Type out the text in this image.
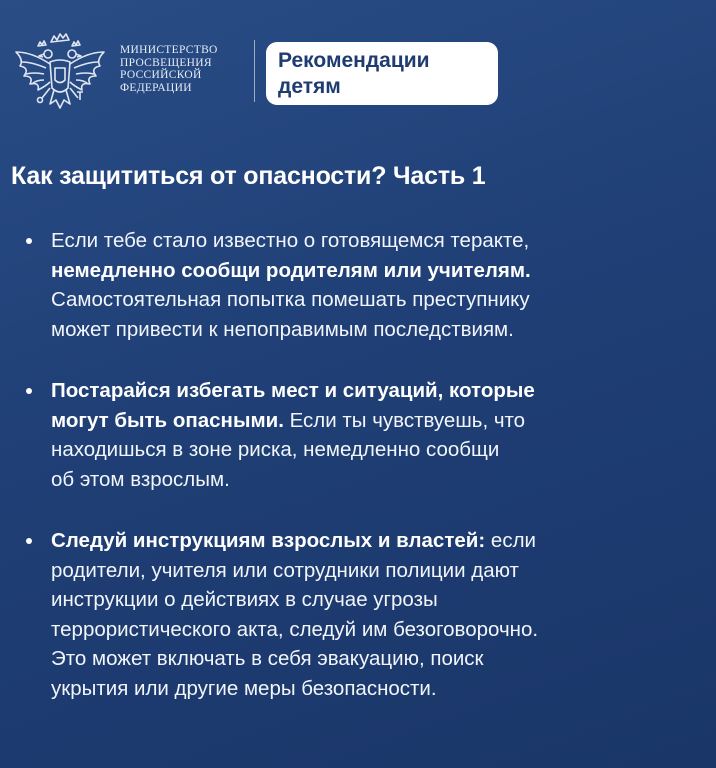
МИНИСТЕРСТВО
ПРОСВЕЩЕНИЯ
РОССИЙСКОЙ
ФЕДЕРАЦИИ
Рекомендации
детям
Как защититься от опасности? Часть 1
Если тебе стало известно о готовящемся теракте,
немедленно сообщи родителям или учителям.
Самостоятельная попытка помешать преступнику
может привести к непоправимым последствиям.
Постарайся избегать мест и ситуаций, которые
могут быть опасными. Если ты чувствуешь, что
находишься в зоне риска, немедленно сообщи
об этом взрослым.
Следуй инструкциям взрослых и властей: если
родители, учителя или сотрудники полиции дают
инструкции о действиях в случае угрозы
террористического акта, следуй им безоговорочно.
Это может включать в себя эвакуацию, поиск
укрытия или другие меры безопасности.
